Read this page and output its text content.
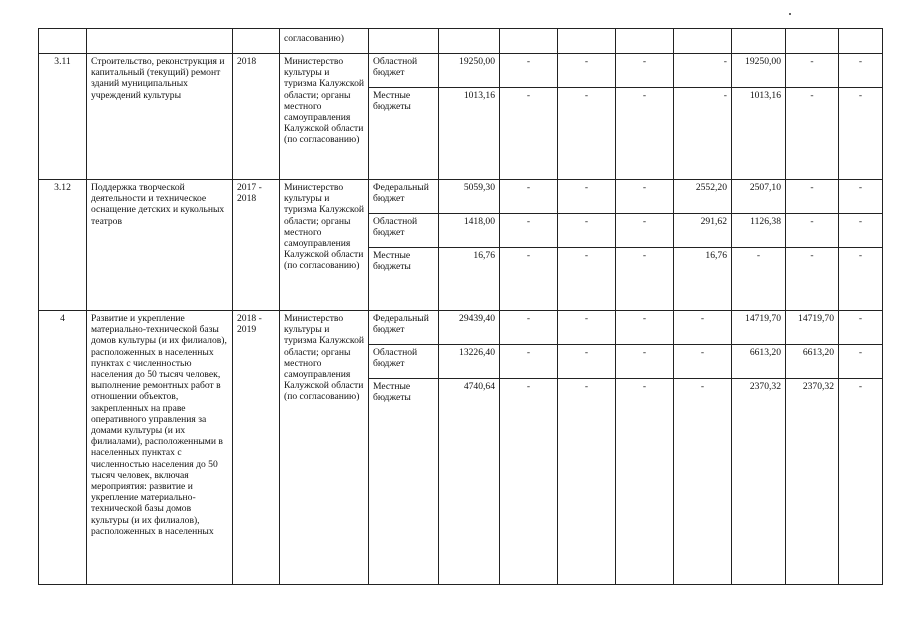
			согласованию)									
3.11	Строительство, реконструкция и капитальный (текущий) ремонт зданий муниципальных учреждений культуры	2018	Министерство культуры и туризма Калужской области; органы местного самоуправления Калужской области (по согласованию)	Областной бюджет	19250,00	-	-	-	-	19250,00	-	-
				Местные бюджеты	1013,16	-	-	-	-	1013,16	-	-
3.12	Поддержка творческой деятельности и техническое оснащение детских и кукольных театров	2017 - 2018	Министерство культуры и туризма Калужской области; органы местного самоуправления Калужской области (по согласованию)	Федеральный бюджет	5059,30	-	-	-	2552,20	2507,10	-	-
				Областной бюджет	1418,00	-	-	-	291,62	1126,38	-	-
				Местные бюджеты	16,76	-	-	-	16,76	-	-	-
4	Развитие и укрепление материально-технической базы домов культуры (и их филиалов), расположенных в населенных пунктах с численностью населения до 50 тысяч человек, выполнение ремонтных работ в отношении объектов, закрепленных на праве оперативного управления за домами культуры (и их филиалами), расположенными в населенных пунктах с численностью населения до 50 тысяч человек, включая мероприятия: развитие и укрепление материально-технической базы домов культуры (и их филиалов), расположенных в населенных	2018 - 2019	Министерство культуры и туризма Калужской области; органы местного самоуправления Калужской области (по согласованию)	Федеральный бюджет	29439,40	-	-	-	-	14719,70	14719,70	-
				Областной бюджет	13226,40	-	-	-	-	6613,20	6613,20	-
				Местные бюджеты	4740,64	-	-	-	-	2370,32	2370,32	-
